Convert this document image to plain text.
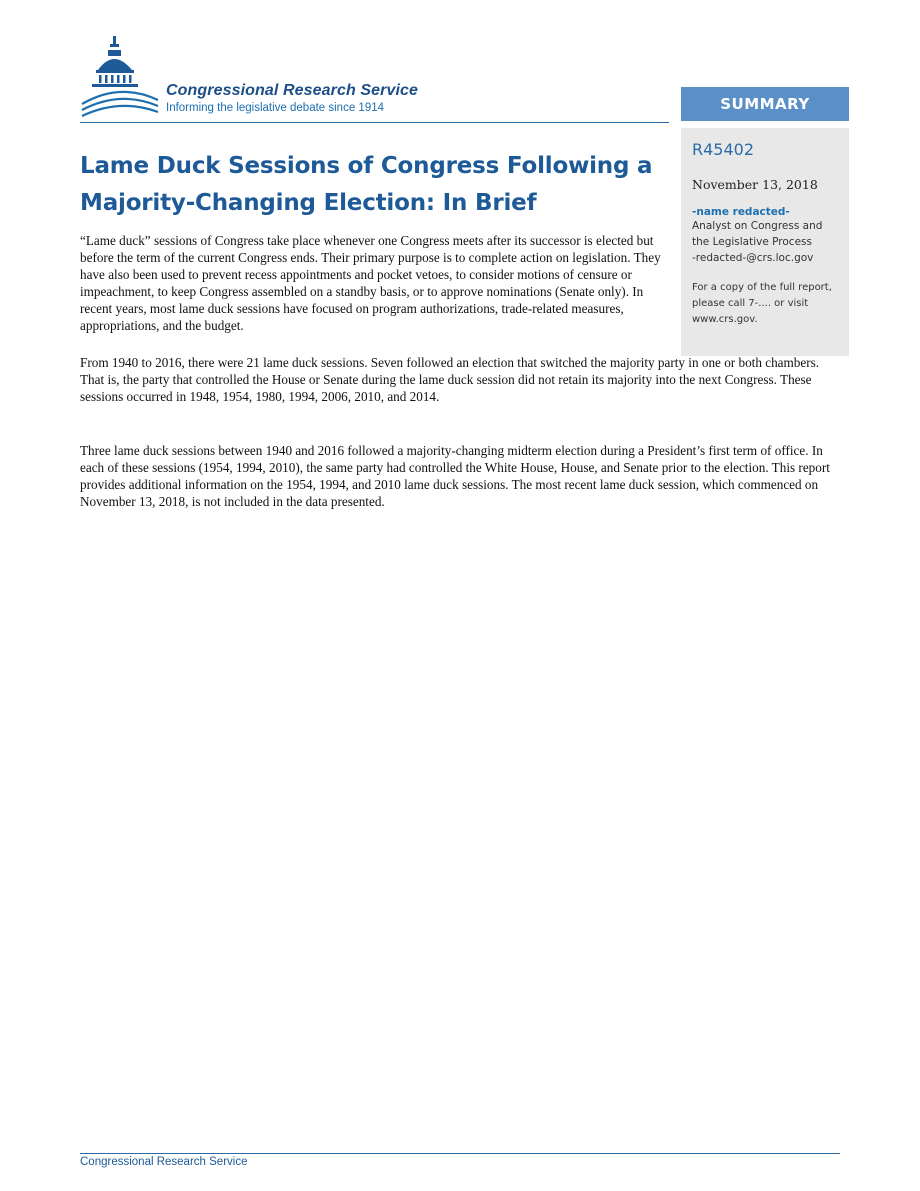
Congressional Research Service
Informing the legislative debate since 1914	SUMMARY
R45402
November 13, 2018
-name redacted-
Analyst on Congress and
the Legislative Process
-redacted-@crs.loc.gov
For a copy of the full report,
please call 7-.... or visit
www.crs.gov.
Lame Duck Sessions of Congress Following a
Majority-Changing Election: In Brief

“Lame duck” sessions of Congress take place whenever one Congress meets after its successor is elected but before the term of the current Congress ends. Their primary purpose is to complete action on legislation. They have also been used to prevent recess appointments and pocket vetoes, to consider motions of censure or impeachment, to keep Congress assembled on a standby basis, or to approve nominations (Senate only). In recent years, most lame duck sessions have focused on program authorizations, trade-related measures, appropriations, and the budget.

From 1940 to 2016, there were 21 lame duck sessions. Seven followed an election that switched the majority party in one or both chambers. That is, the party that controlled the House or Senate during the lame duck session did not retain its majority into the next Congress. These sessions occurred in 1948, 1954, 1980, 1994, 2006, 2010, and 2014.

Three lame duck sessions between 1940 and 2016 followed a majority-changing midterm election during a President’s first term of office. In each of these sessions (1954, 1994, 2010), the same party had controlled the White House, House, and Senate prior to the election. This report provides additional information on the 1954, 1994, and 2010 lame duck sessions. The most recent lame duck session, which commenced on November 13, 2018, is not included in the data presented.

Congressional Research Service
